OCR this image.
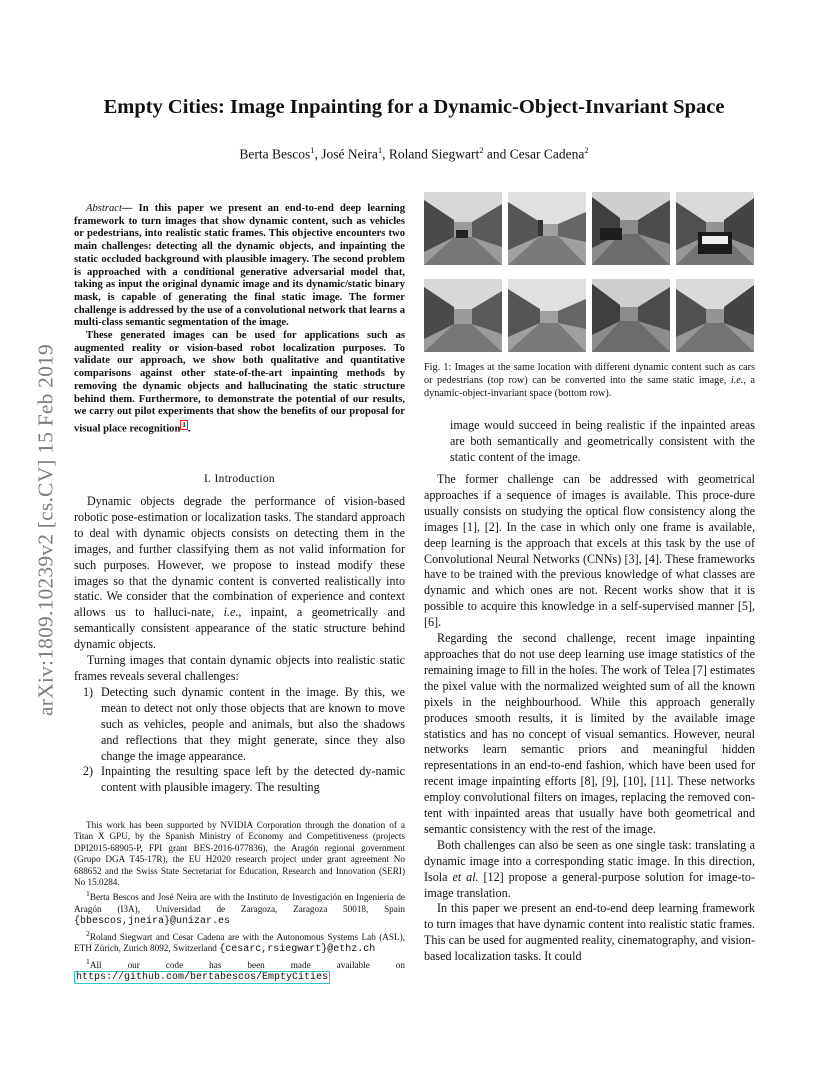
Empty Cities: Image Inpainting for a Dynamic-Object-Invariant Space
Berta Bescos$^1$, José Neira$^1$, Roland Siegwart$^2$ and Cesar Cadena$^2$
arXiv:1809.10239v2 [cs.CV] 15 Feb 2019

Abstract— In this paper we present an end-to-end deep learning framework to turn images that show dynamic content, such as vehicles or pedestrians, into realistic static frames. This objective encounters two main challenges: detecting all the dynamic objects, and inpainting the static occluded background with plausible imagery. The second problem is approached with a conditional generative adversarial model that, taking as input the original dynamic image and its dynamic/static binary mask, is capable of generating the final static image. The former challenge is addressed by the use of a convolutional network that learns a multi-class semantic segmentation of the image.

These generated images can be used for applications such as augmented reality or vision-based robot localization purposes. To validate our approach, we show both qualitative and quantitative comparisons against other state-of-the-art inpainting methods by removing the dynamic objects and hallucinating the static structure behind them. Furthermore, to demonstrate the potential of our results, we carry out pilot experiments that show the benefits of our proposal for visual place recognition $^1$ .

I. Introduction

Dynamic objects degrade the performance of vision-based robotic pose-estimation or localization tasks. The standard approach to deal with dynamic objects consists on detecting them in the images, and further classifying them as not valid information for such purposes. However, we propose to instead modify these images so that the dynamic content is converted realistically into static. We consider that the combination of experience and context allows us to halluci-nate, i.e., inpaint, a geometrically and semantically consistent appearance of the static structure behind dynamic objects.

Turning images that contain dynamic objects into realistic static frames reveals several challenges:

1) Detecting such dynamic content in the image. By this, we mean to detect not only those objects that are known to move such as vehicles, people and animals, but also the shadows and reflections that they might generate, since they also change the image appearance.
2) Inpainting the resulting space left by the detected dy-namic content with plausible imagery. The resulting

This work has been supported by NVIDIA Corporation through the donation of a Titan X GPU, by the Spanish Ministry of Economy and Competitiveness (projects DPI2015-68905-P, FPI grant BES-2016-077836), the Aragón regional government (Grupo DGA T45-17R), the EU H2020 research project under grant agreement No 688652 and the Swiss State Secretariat for Education, Research and Innovation (SERI) No 15.0284.

$^1$Berta Bescos and José Neira are with the Instituto de Investigación en Ingeniería de Aragón (I3A), Universidad de Zaragoza, Zaragoza 50018, Spain {bbescos,jneira}@unizar.es

$^2$Roland Siegwart and Cesar Cadena are with the Autonomous Systems Lab (ASL), ETH Zürich, Zurich 8092, Switzerland {cesarc,rsiegwart}@ethz.ch

$^1$All our code has been made available on https://github.com/bertabescos/EmptyCities

Fig. 1: Images at the same location with different dynamic content such as cars or pedestrians (top row) can be converted into the same static image, i.e., a dynamic-object-invariant space (bottom row).
image would succeed in being realistic if the inpainted areas are both semantically and geometrically consistent with the static content of the image.

The former challenge can be addressed with geometrical approaches if a sequence of images is available. This proce-dure usually consists on studying the optical flow consistency along the images [1], [2]. In the case in which only one frame is available, deep learning is the approach that excels at this task by the use of Convolutional Neural Networks (CNNs) [3], [4]. These frameworks have to be trained with the previous knowledge of what classes are dynamic and which ones are not. Recent works show that it is possible to acquire this knowledge in a self-supervised manner [5], [6].

Regarding the second challenge, recent image inpainting approaches that do not use deep learning use image statistics of the remaining image to fill in the holes. The work of Telea [7] estimates the pixel value with the normalized weighted sum of all the known pixels in the neighbourhood. While this approach generally produces smooth results, it is limited by the available image statistics and has no concept of visual semantics. However, neural networks learn semantic priors and meaningful hidden representations in an end-to-end fashion, which have been used for recent image inpainting efforts [8], [9], [10], [11]. These networks employ convolutional filters on images, replacing the removed con-tent with inpainted areas that usually have both geometrical and semantic consistency with the rest of the image.

Both challenges can also be seen as one single task: translating a dynamic image into a corresponding static image. In this direction, Isola et al. [12] propose a general-purpose solution for image-to-image translation.

In this paper we present an end-to-end deep learning framework to turn images that have dynamic content into realistic static frames. This can be used for augmented reality, cinematography, and vision-based localization tasks. It could
